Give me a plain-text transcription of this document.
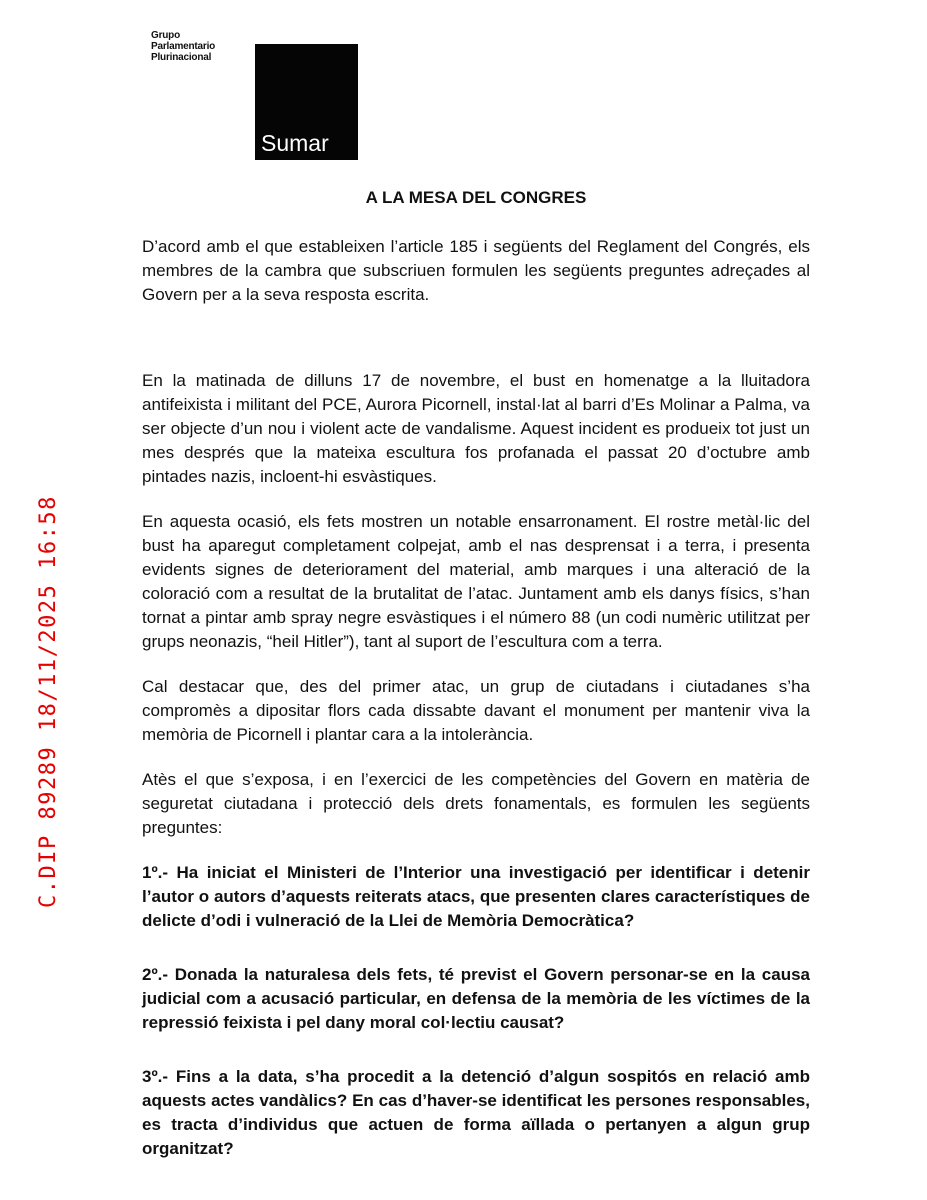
Grupo
Parlamentario
Plurinacional
Sumar
C.DIP 89289 18/11/2025 16:58
A LA MESA DEL CONGRES

D’acord amb el que estableixen l’article 185 i següents del Reglament del Congrés, els membres de la cambra que subscriuen formulen les següents preguntes adreçades al Govern per a la seva resposta escrita.

En la matinada de dilluns 17 de novembre, el bust en homenatge a la lluitadora antifeixista i militant del PCE, Aurora Picornell, instal·lat al barri d’Es Molinar a Palma, va ser objecte d’un nou i violent acte de vandalisme. Aquest incident es produeix tot just un mes després que la mateixa escultura fos profanada el passat 20 d’octubre amb pintades nazis, incloent-hi esvàstiques.

En aquesta ocasió, els fets mostren un notable ensarronament. El rostre metàl·lic del bust ha aparegut completament colpejat, amb el nas desprensat i a terra, i presenta evidents signes de deteriorament del material, amb marques i una alteració de la coloració com a resultat de la brutalitat de l’atac. Juntament amb els danys físics, s’han tornat a pintar amb spray negre esvàstiques i el número 88 (un codi numèric utilitzat per grups neonazis, “heil Hitler”), tant al suport de l’escultura com a terra.

Cal destacar que, des del primer atac, un grup de ciutadans i ciutadanes s’ha compromès a dipositar flors cada dissabte davant el monument per mantenir viva la memòria de Picornell i plantar cara a la intolerància.

Atès el que s’exposa, i en l’exercici de les competències del Govern en matèria de seguretat ciutadana i protecció dels drets fonamentals, es formulen les següents preguntes:

1º.- Ha iniciat el Ministeri de l’Interior una investigació per identificar i detenir l’autor o autors d’aquests reiterats atacs, que presenten clares característiques de delicte d’odi i vulneració de la Llei de Memòria Democràtica?

2º.- Donada la naturalesa dels fets, té previst el Govern personar-se en la causa judicial com a acusació particular, en defensa de la memòria de les víctimes de la repressió feixista i pel dany moral col·lectiu causat?

3º.- Fins a la data, s’ha procedit a la detenció d’algun sospitós en relació amb aquests actes vandàlics? En cas d’haver-se identificat les persones responsables, es tracta d’individus que actuen de forma aïllada o pertanyen a algun grup organitzat?
